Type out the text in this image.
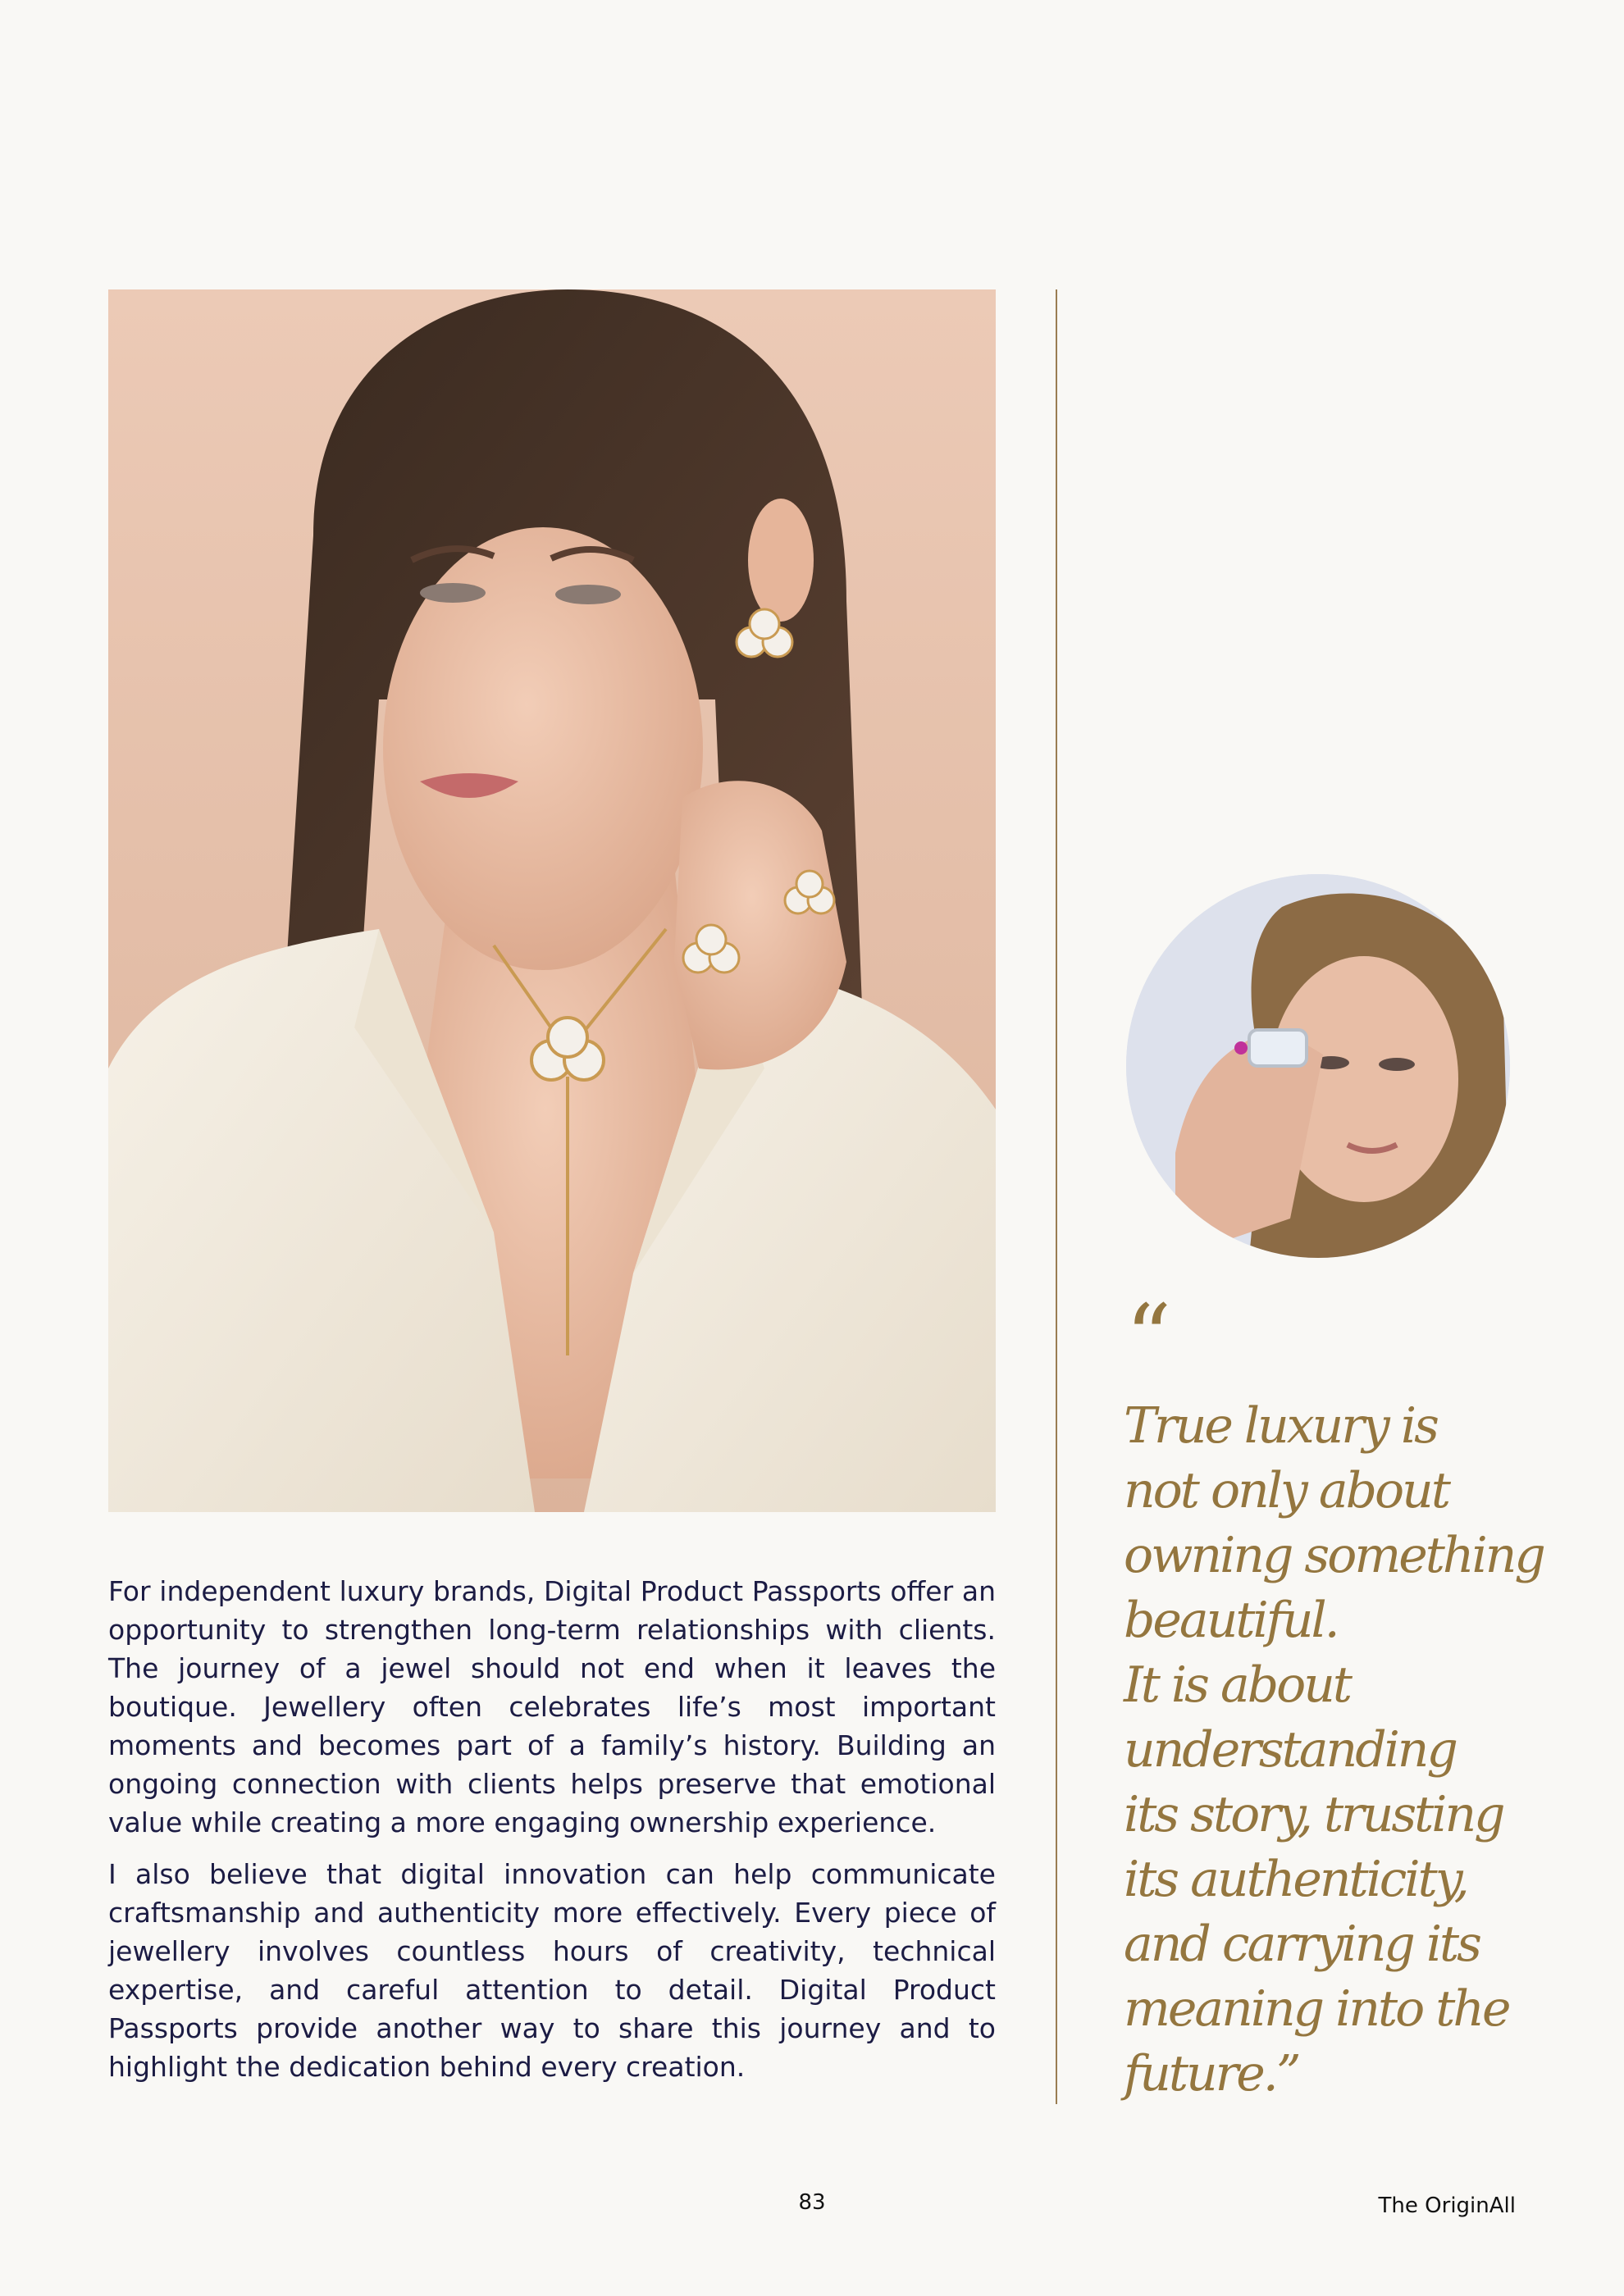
For independent luxury brands, Digital Product Passports offer an opportunity to strengthen long-term relationships with clients. The journey of a jewel should not end when it leaves the boutique. Jewellery often celebrates life’s most important moments and becomes part of a family’s history. Building an ongoing connection with clients helps preserve that emotional value while creating a more engaging ownership experience.

I also believe that digital innovation can help communicate craftsmanship and authenticity more effectively. Every piece of jewellery involves countless hours of creativity, technical expertise, and careful attention to detail. Digital Product Passports provide another way to share this journey and to highlight the dedication behind every creation.

“
True luxury is
not only about
owning something
beautiful.
It is about
understanding
its story, trusting
its authenticity,
and carrying its
meaning into the
future.”
83	The OriginAll
